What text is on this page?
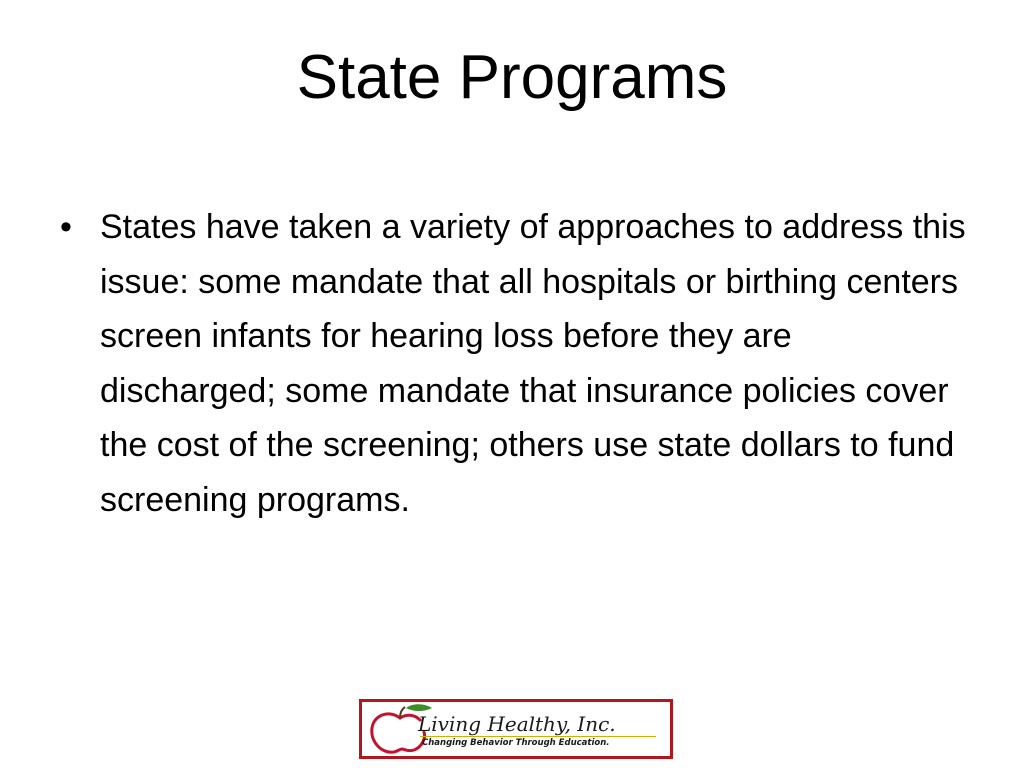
State Programs
• States have taken a variety of approaches to address this issue: some mandate that all hospitals or birthing centers screen infants for hearing loss before they are discharged; some mandate that insurance policies cover the cost of the screening; others use state dollars to fund screening programs.
Living Healthy, Inc.
Changing Behavior Through Education.
